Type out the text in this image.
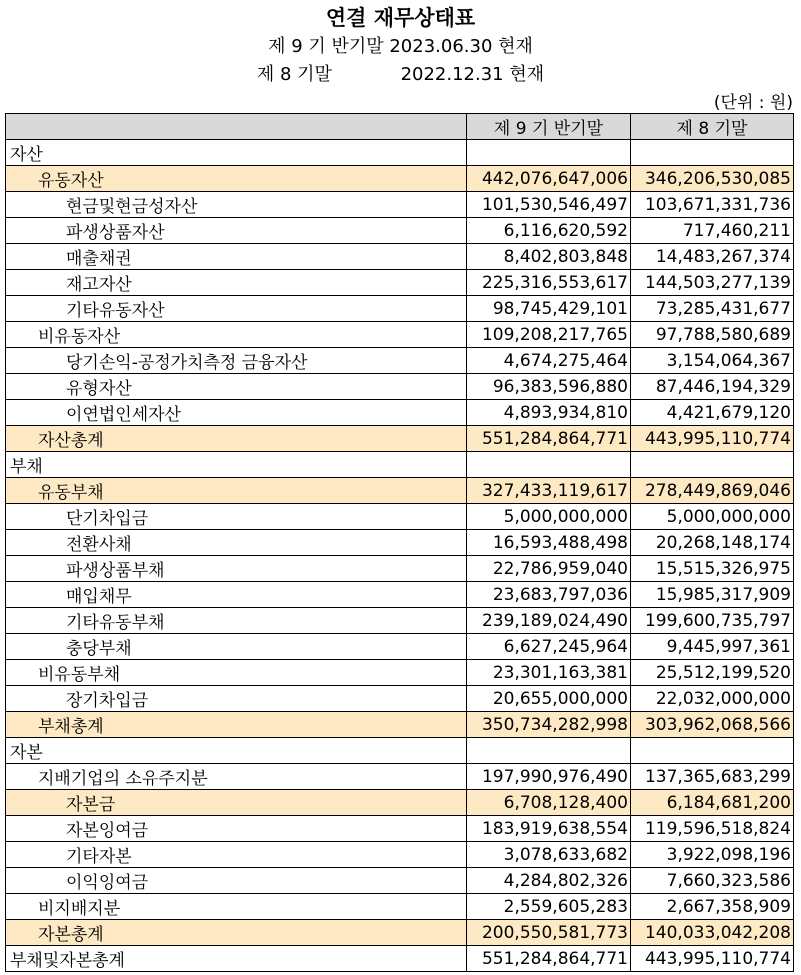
연결 재무상태표
제 9 기 반기말 2023.06.30 현재
제 8 기말            2022.12.31 현재
(단위 : 원)
	제 9 기 반기말	제 8 기말
자산		
유동자산	442,076,647,006	346,206,530,085
현금및현금성자산	101,530,546,497	103,671,331,736
파생상품자산	6,116,620,592	717,460,211
매출채권	8,402,803,848	14,483,267,374
재고자산	225,316,553,617	144,503,277,139
기타유동자산	98,745,429,101	73,285,431,677
비유동자산	109,208,217,765	97,788,580,689
당기손익-공정가치측정 금융자산	4,674,275,464	3,154,064,367
유형자산	96,383,596,880	87,446,194,329
이연법인세자산	4,893,934,810	4,421,679,120
자산총계	551,284,864,771	443,995,110,774
부채		
유동부채	327,433,119,617	278,449,869,046
단기차입금	5,000,000,000	5,000,000,000
전환사채	16,593,488,498	20,268,148,174
파생상품부채	22,786,959,040	15,515,326,975
매입채무	23,683,797,036	15,985,317,909
기타유동부채	239,189,024,490	199,600,735,797
충당부채	6,627,245,964	9,445,997,361
비유동부채	23,301,163,381	25,512,199,520
장기차입금	20,655,000,000	22,032,000,000
부채총계	350,734,282,998	303,962,068,566
자본		
지배기업의 소유주지분	197,990,976,490	137,365,683,299
자본금	6,708,128,400	6,184,681,200
자본잉여금	183,919,638,554	119,596,518,824
기타자본	3,078,633,682	3,922,098,196
이익잉여금	4,284,802,326	7,660,323,586
비지배지분	2,559,605,283	2,667,358,909
자본총계	200,550,581,773	140,033,042,208
부채및자본총계	551,284,864,771	443,995,110,774
